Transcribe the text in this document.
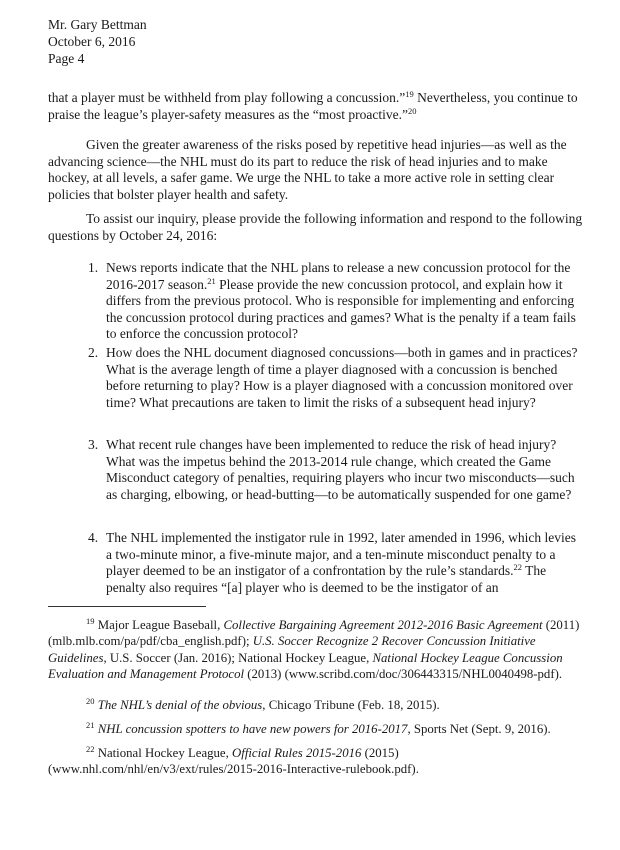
Mr. Gary Bettman
October 6, 2016
Page 4

that a player must be withheld from play following a concussion.”$^{19}$ Nevertheless, you continue to praise the league’s player-safety measures as the “most proactive.”$^{20}$

Given the greater awareness of the risks posed by repetitive head injuries—as well as the advancing science—the NHL must do its part to reduce the risk of head injuries and to make hockey, at all levels, a safer game. We urge the NHL to take a more active role in setting clear policies that bolster player health and safety.

To assist our inquiry, please provide the following information and respond to the following questions by October 24, 2016:

1. News reports indicate that the NHL plans to release a new concussion protocol for the 2016-2017 season.$^{21}$ Please provide the new concussion protocol, and explain how it differs from the previous protocol. Who is responsible for implementing and enforcing the concussion protocol during practices and games? What is the penalty if a team fails to enforce the concussion protocol?
2. How does the NHL document diagnosed concussions—both in games and in practices? What is the average length of time a player diagnosed with a concussion is benched before returning to play? How is a player diagnosed with a concussion monitored over time? What precautions are taken to limit the risks of a subsequent head injury?
3. What recent rule changes have been implemented to reduce the risk of head injury? What was the impetus behind the 2013-2014 rule change, which created the Game Misconduct category of penalties, requiring players who incur two misconducts—such as charging, elbowing, or head-butting—to be automatically suspended for one game?
4. The NHL implemented the instigator rule in 1992, later amended in 1996, which levies a two-minute minor, a five-minute major, and a ten-minute misconduct penalty to a player deemed to be an instigator of a confrontation by the rule’s standards.$^{22}$ The penalty also requires “[a] player who is deemed to be the instigator of an

$^{19}$ Major League Baseball, Collective Bargaining Agreement 2012-2016 Basic Agreement (2011) (mlb.mlb.com/pa/pdf/cba_english.pdf); U.S. Soccer Recognize 2 Recover Concussion Initiative Guidelines, U.S. Soccer (Jan. 2016); National Hockey League, National Hockey League Concussion Evaluation and Management Protocol (2013) (www.scribd.com/doc/306443315/NHL0040498-pdf).

$^{20}$ The NHL’s denial of the obvious, Chicago Tribune (Feb. 18, 2015).

$^{21}$ NHL concussion spotters to have new powers for 2016-2017, Sports Net (Sept. 9, 2016).

$^{22}$ National Hockey League, Official Rules 2015-2016 (2015) (www.nhl.com/nhl/en/v3/ext/rules/2015-2016-Interactive-rulebook.pdf).
